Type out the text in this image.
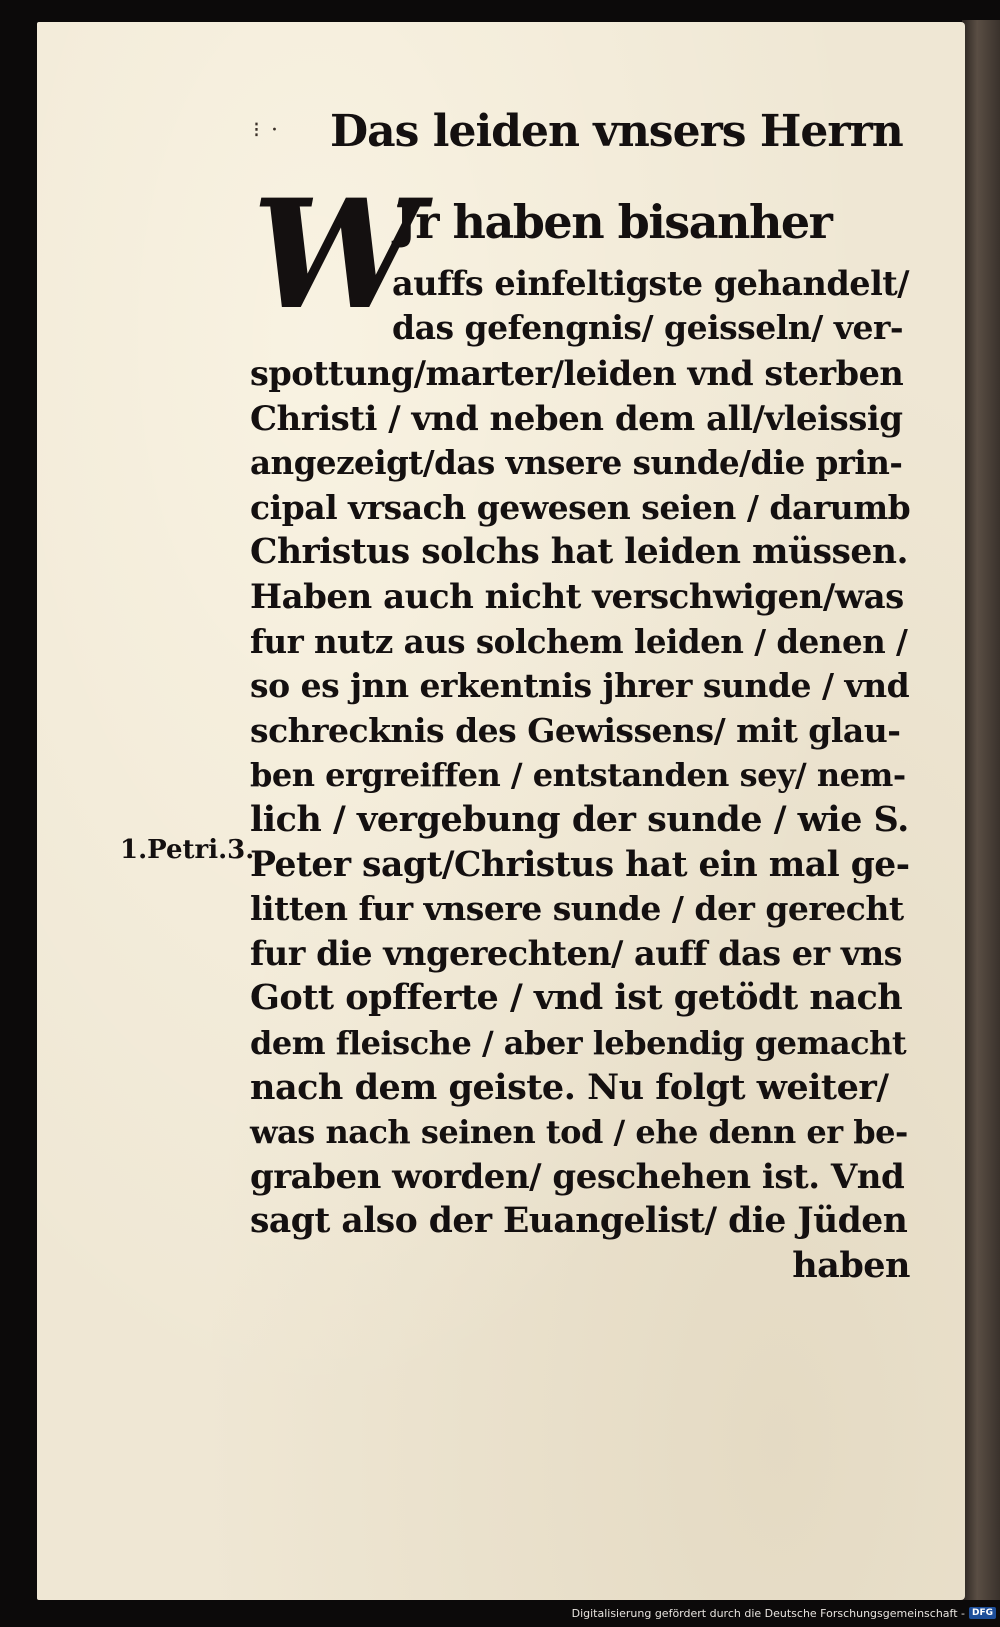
⁝ · Das leiden vnsers Herrn
W
Jr haben bisanher
auffs einfeltigste gehandelt/
das gefengnis/ geisseln/ ver-
spottung/marter/leiden vnd sterben
Christi / vnd neben dem all/vleissig
angezeigt/das vnsere sunde/die prin-
cipal vrsach gewesen seien / darumb
Christus solchs hat leiden müssen.
Haben auch nicht verschwigen/was
fur nutz aus solchem leiden / denen /
so es jnn erkentnis jhrer sunde / vnd
schrecknis des Gewissens/ mit glau-
ben ergreiffen / entstanden sey/ nem-
lich / vergebung der sunde / wie S.
Peter sagt/Christus hat ein mal ge-
litten fur vnsere sunde / der gerecht
fur die vngerechten/ auff das er vns
Gott opfferte / vnd ist getödt nach
dem fleische / aber lebendig gemacht
nach dem geiste. Nu folgt weiter/
was nach seinen tod / ehe denn er be-
graben worden/ geschehen ist. Vnd
sagt also der Euangelist/ die Jüden
haben
1.Petri.3.
Digitalisierung gefördert durch die Deutsche Forschungsgemeinschaft - DFG
